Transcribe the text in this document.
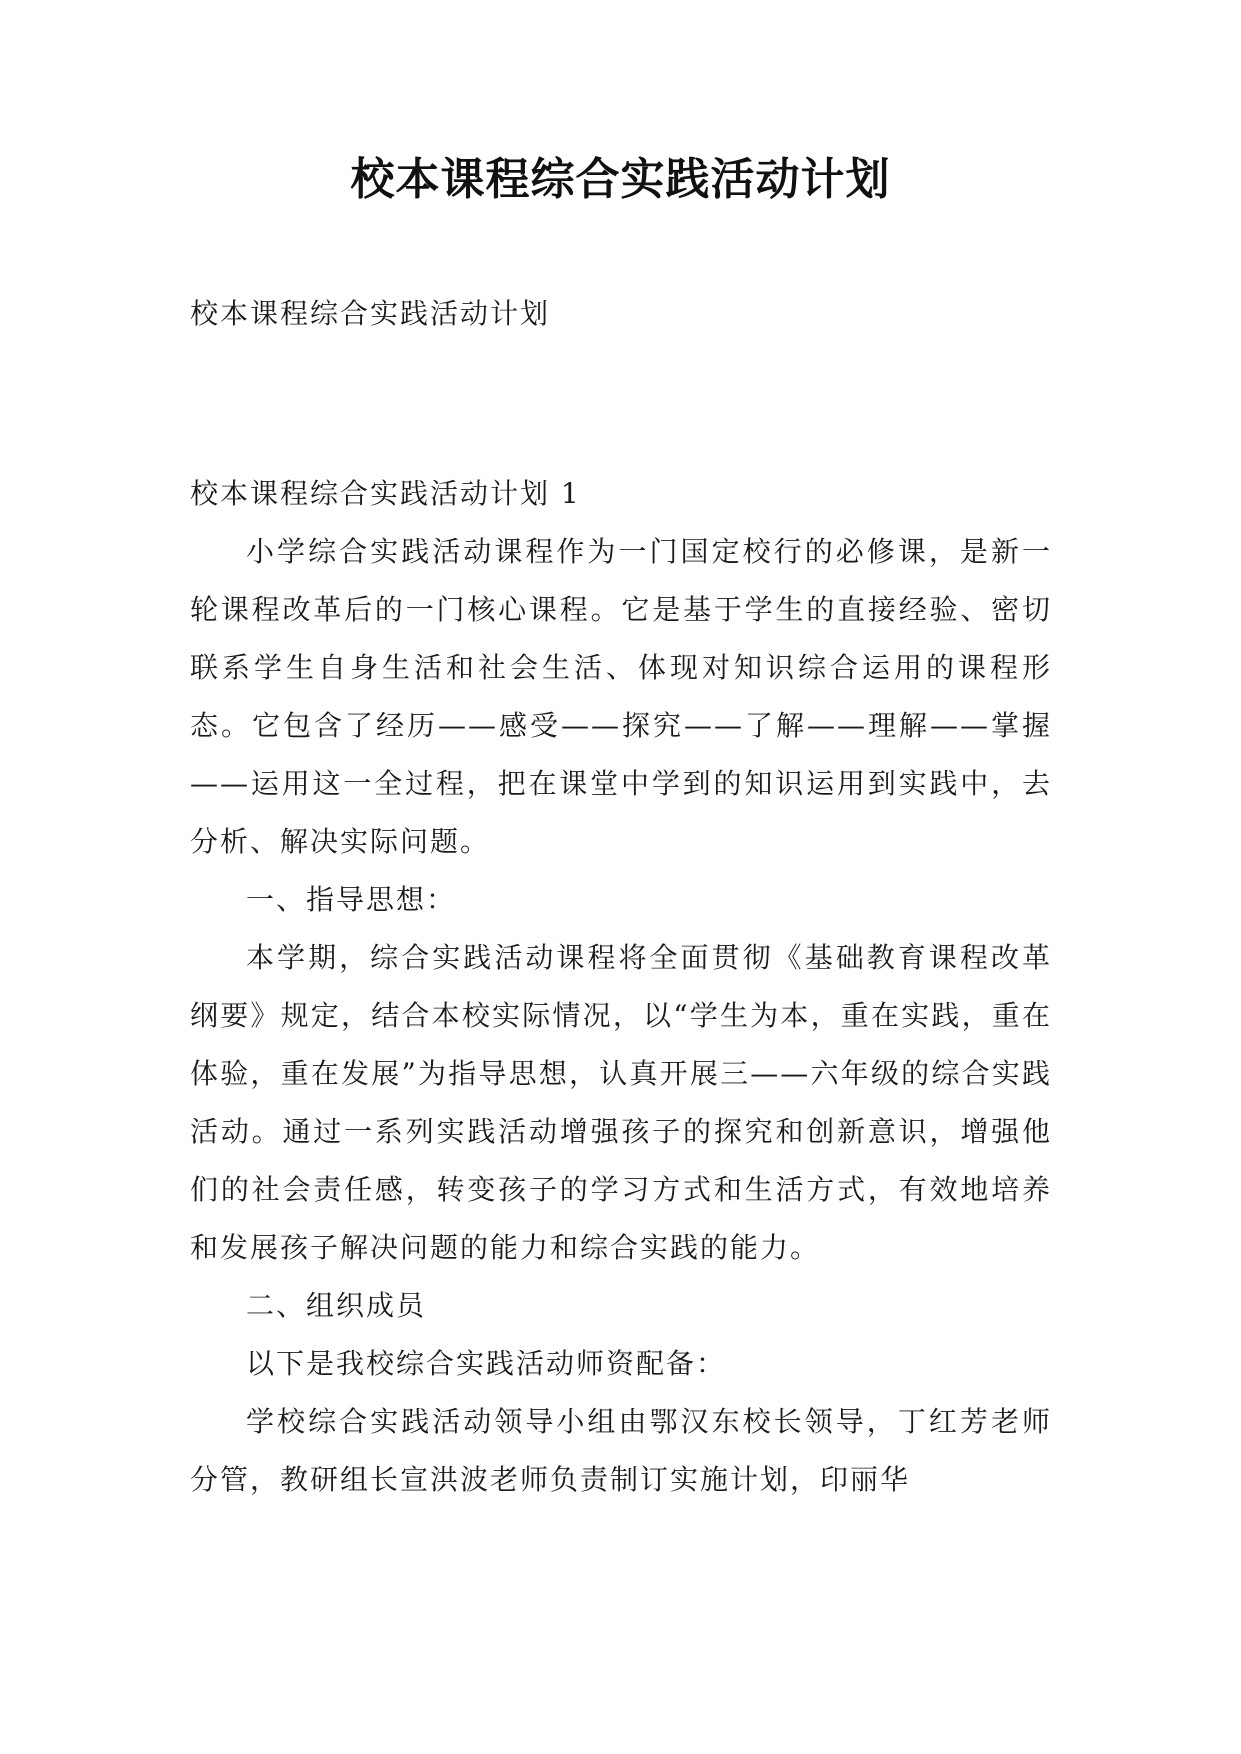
校本课程综合实践活动计划
校本课程综合实践活动计划

校本课程综合实践活动计划 1

小学综合实践活动课程作为一门国定校行的必修课，是新一轮课程改革后的一门核心课程。它是基于学生的直接经验、密切联系学生自身生活和社会生活、体现对知识综合运用的课程形态。它包含了经历——感受——探究——了解——理解——掌握——运用这一全过程，把在课堂中学到的知识运用到实践中，去分析、解决实际问题。

一、指导思想：

本学期，综合实践活动课程将全面贯彻《基础教育课程改革纲要》规定，结合本校实际情况，以“学生为本，重在实践，重在体验，重在发展”为指导思想，认真开展三——六年级的综合实践活动。通过一系列实践活动增强孩子的探究和创新意识，增强他们的社会责任感，转变孩子的学习方式和生活方式，有效地培养和发展孩子解决问题的能力和综合实践的能力。

二、组织成员

以下是我校综合实践活动师资配备：

学校综合实践活动领导小组由鄂汉东校长领导，丁红芳老师分管，教研组长宣洪波老师负责制订实施计划，印丽华
